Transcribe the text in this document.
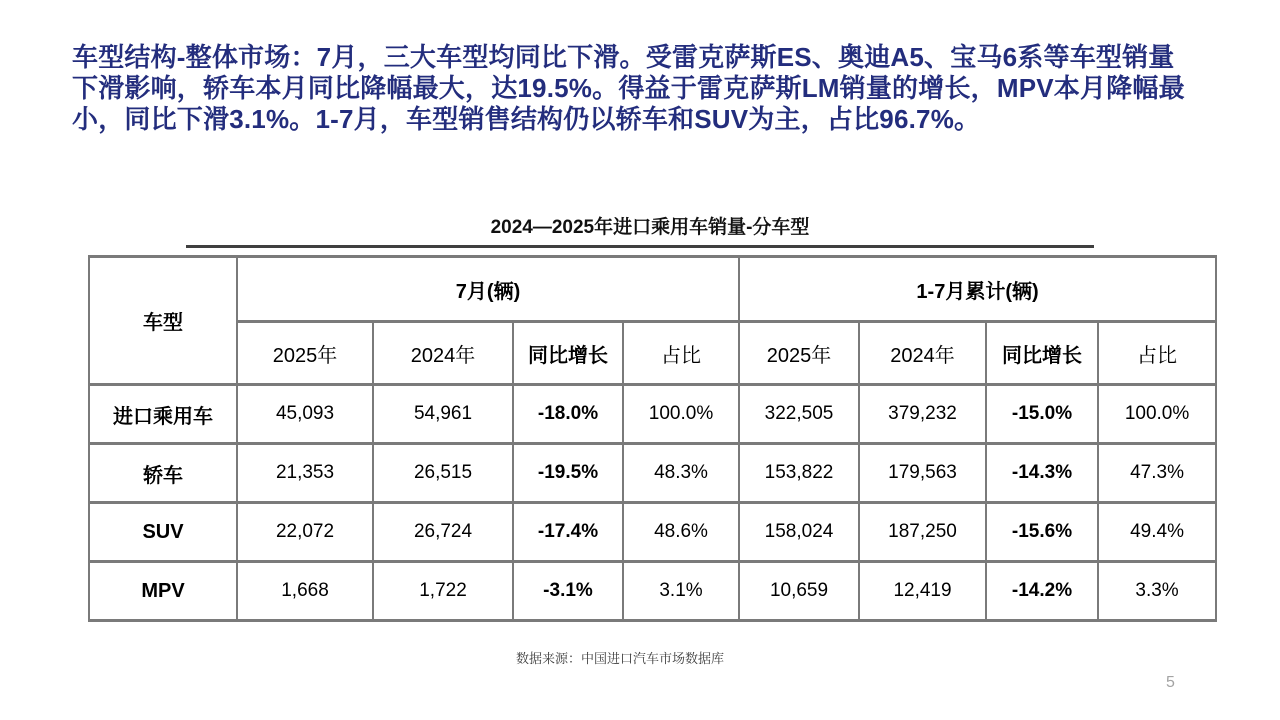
车型结构-整体市场：7月，三大车型均同比下滑。受雷克萨斯ES、奥迪A5、宝马6系等车型销量下滑影响，轿车本月同比降幅最大，达19.5%。得益于雷克萨斯LM销量的增长，MPV本月降幅最小，同比下滑3.1%。1-7月，车型销售结构仍以轿车和SUV为主，占比96.7%。

2024—2025年进口乘用车销量-分车型
车型	7月(辆)				1-7月累计(辆)			
	2025年	2024年	同比增长	占比	2025年	2024年	同比增长	占比
进口乘用车	45,093	54,961	-18.0%	100.0%	322,505	379,232	-15.0%	100.0%
轿车	21,353	26,515	-19.5%	48.3%	153,822	179,563	-14.3%	47.3%
SUV	22,072	26,724	-17.4%	48.6%	158,024	187,250	-15.6%	49.4%
MPV	1,668	1,722	-3.1%	3.1%	10,659	12,419	-14.2%	3.3%
数据来源：中国进口汽车市场数据库
5
